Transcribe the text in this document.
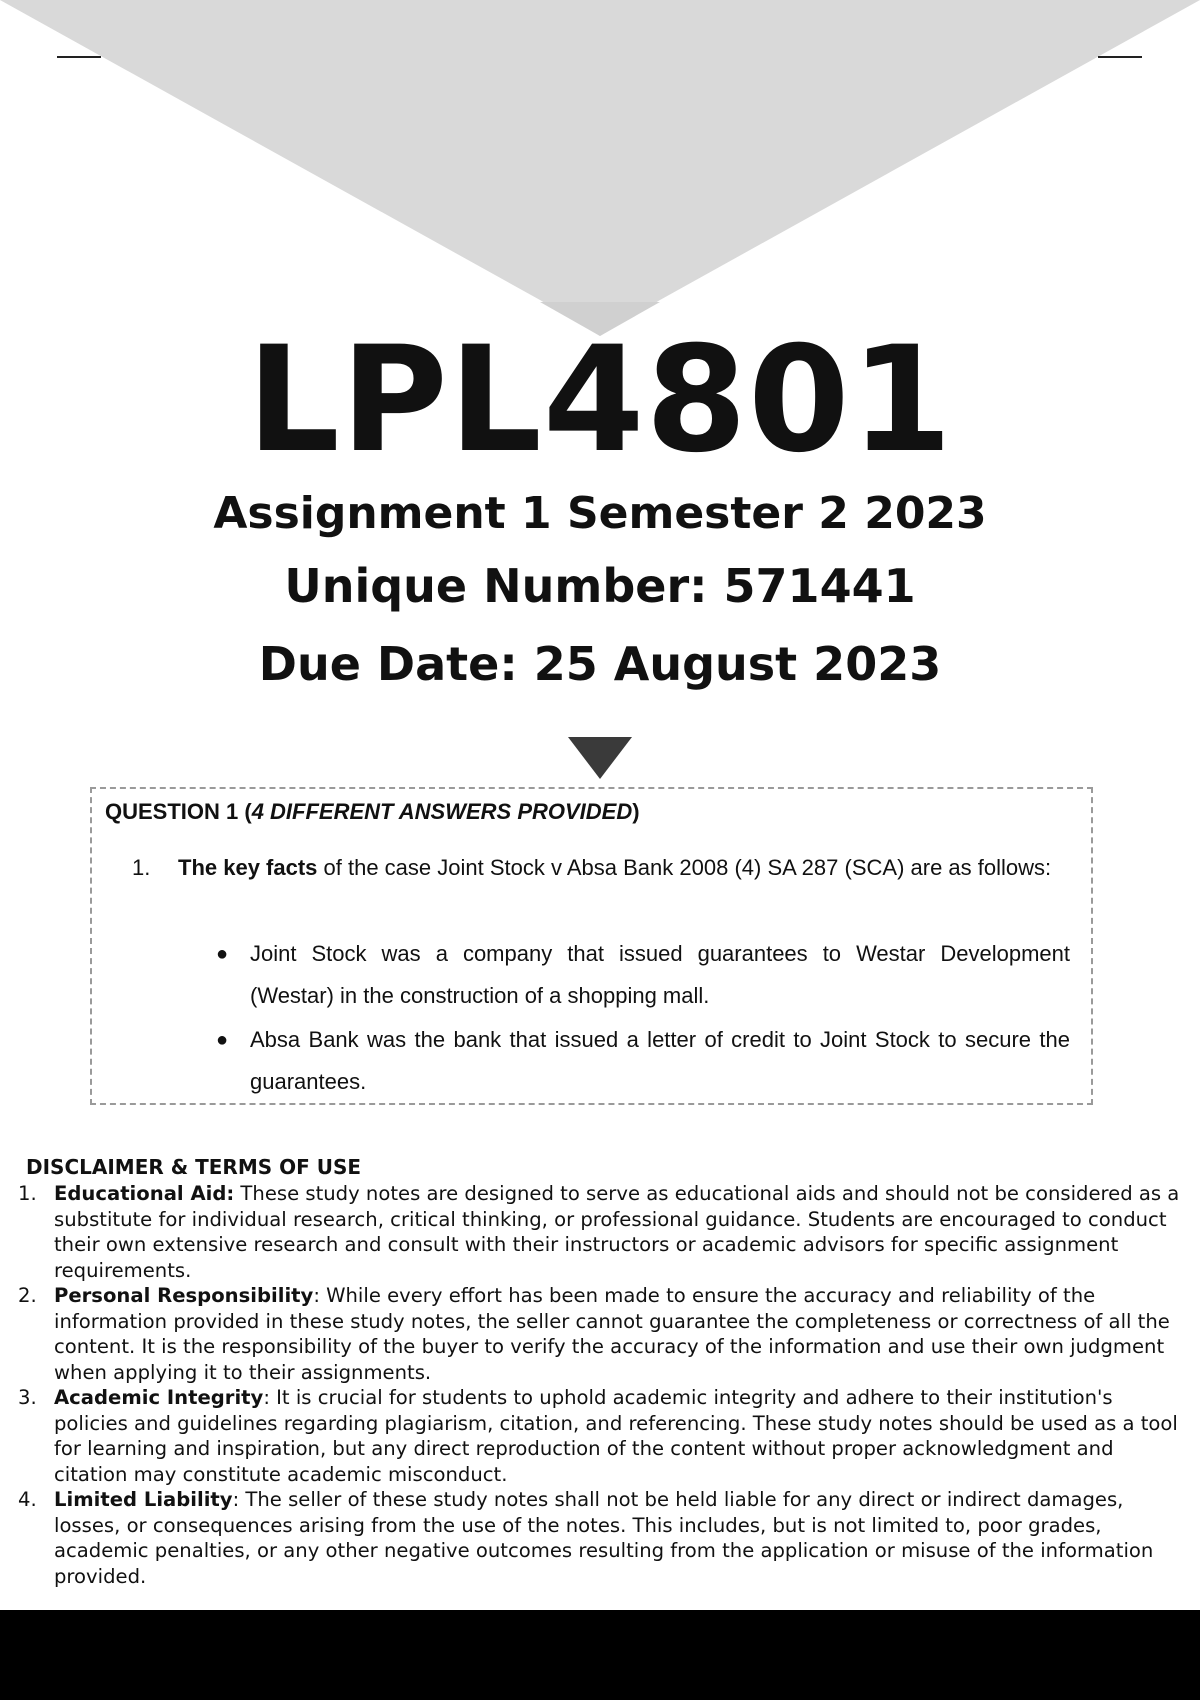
LPL4801
Assignment 1 Semester 2 2023
Unique Number: 571441
Due Date: 25 August 2023
QUESTION 1 (4 DIFFERENT ANSWERS PROVIDED)
1.	The key facts of the case Joint Stock v Absa Bank 2008 (4) SA 287 (SCA) are as follows:
● Joint Stock was a company that issued guarantees to Westar Development (Westar) in the construction of a shopping mall.
● Absa Bank was the bank that issued a letter of credit to Joint Stock to secure the guarantees.
DISCLAIMER & TERMS OF USE
1. Educational Aid: These study notes are designed to serve as educational aids and should not be considered as a substitute for individual research, critical thinking, or professional guidance. Students are encouraged to conduct their own extensive research and consult with their instructors or academic advisors for specific assignment requirements.
2. Personal Responsibility: While every effort has been made to ensure the accuracy and reliability of the information provided in these study notes, the seller cannot guarantee the completeness or correctness of all the content. It is the responsibility of the buyer to verify the accuracy of the information and use their own judgment when applying it to their assignments.
3. Academic Integrity: It is crucial for students to uphold academic integrity and adhere to their institution's policies and guidelines regarding plagiarism, citation, and referencing. These study notes should be used as a tool for learning and inspiration, but any direct reproduction of the content without proper acknowledgment and citation may constitute academic misconduct.
4. Limited Liability: The seller of these study notes shall not be held liable for any direct or indirect damages, losses, or consequences arising from the use of the notes. This includes, but is not limited to, poor grades, academic penalties, or any other negative outcomes resulting from the application or misuse of the information provided.
